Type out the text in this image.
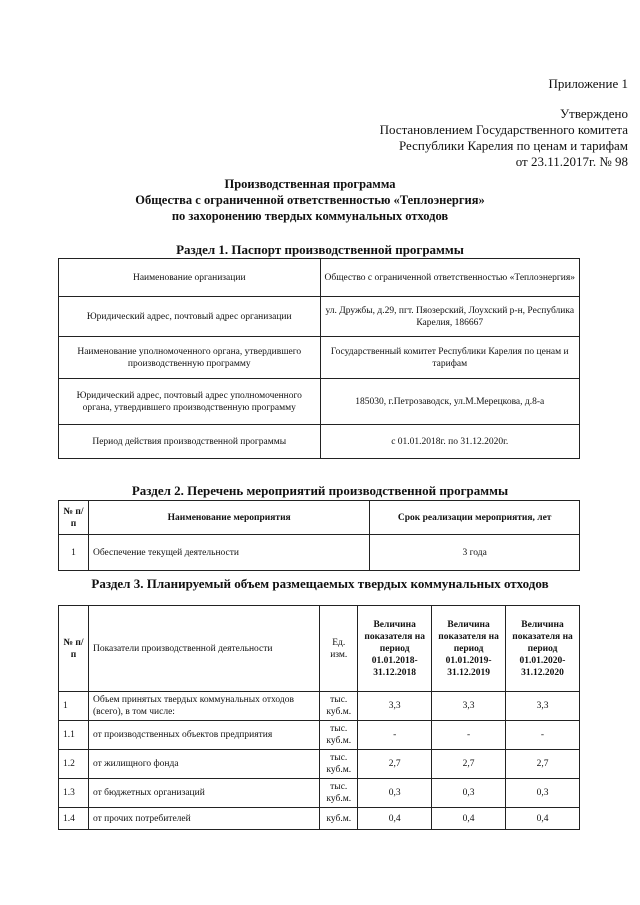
Приложение 1
Утверждено
Постановлением Государственного комитета
Республики Карелия по ценам и тарифам
от 23.11.2017г. № 98
Производственная программа
Общества с ограниченной ответственностью «Теплоэнергия»
по захоронению твердых коммунальных отходов
Раздел 1. Паспорт производственной программы
Наименование организации	Общество с ограниченной ответственностью «Теплоэнергия»
Юридический адрес, почтовый адрес организации	ул. Дружбы, д.29, пгт. Пяозерский, Лоухский р-н, Республика Карелия, 186667
Наименование уполномоченного органа, утвердившего производственную программу	Государственный комитет Республики Карелия по ценам и тарифам
Юридический адрес, почтовый адрес уполномоченного органа, утвердившего производственную программу	185030, г.Петрозаводск, ул.М.Мерецкова, д.8-а
Период действия производственной программы	с 01.01.2018г. по 31.12.2020г.
Раздел 2. Перечень мероприятий производственной программы
№ п/п	Наименование мероприятия	Срок реализации мероприятия, лет
1	Обеспечение текущей деятельности	3 года
Раздел 3. Планируемый объем размещаемых твердых коммунальных отходов
№ п/п	Показатели производственной деятельности	Ед. изм.	Величина показателя на период 01.01.2018-31.12.2018	Величина показателя на период 01.01.2019-31.12.2019	Величина показателя на период 01.01.2020-31.12.2020
1	Объем принятых твердых коммунальных отходов (всего), в том числе:	тыс. куб.м.	3,3	3,3	3,3
1.1	от производственных объектов предприятия	тыс. куб.м.	-	-	-
1.2	от жилищного фонда	тыс. куб.м.	2,7	2,7	2,7
1.3	от бюджетных организаций	тыс. куб.м.	0,3	0,3	0,3
1.4	от прочих потребителей	куб.м.	0,4	0,4	0,4
